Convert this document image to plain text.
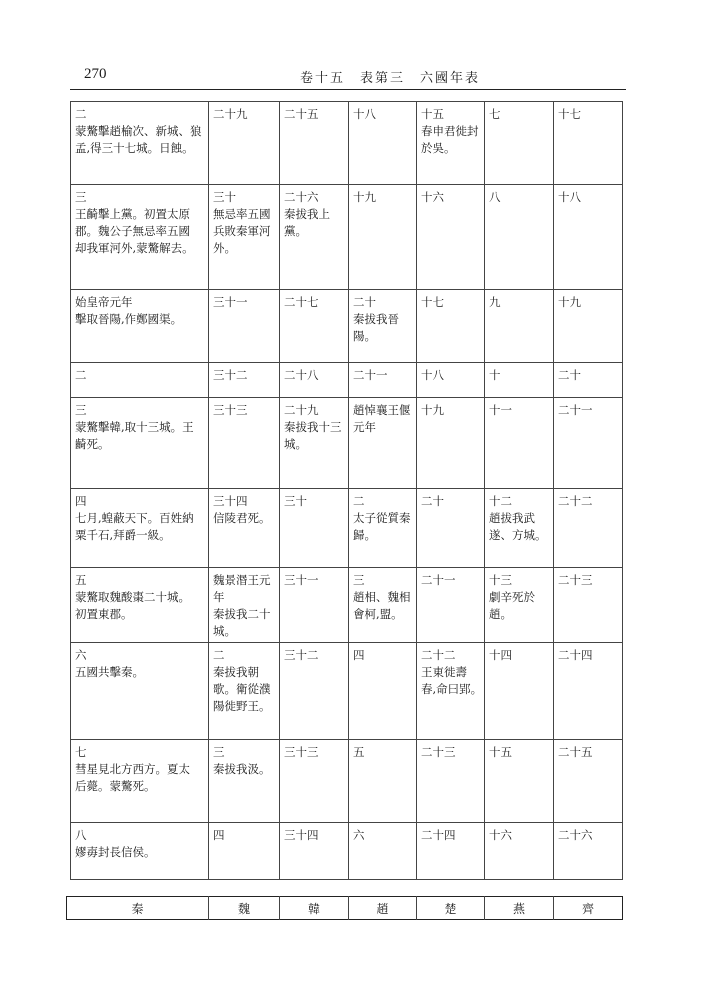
270	卷十五　表第三　六國年表
二
蒙驁擊趙榆次、新城、狼
孟,得三十七城。日蝕。	二十九	二十五	十八	十五
春申君徙封
於吳。	七	十七

三
王齮擊上黨。初置太原
郡。魏公子無忌率五國
却我軍河外,蒙驁解去。	三十
無忌率五國
兵敗秦軍河
外。	二十六
秦拔我上
黨。	十九	十六	八	十八

始皇帝元年
擊取晉陽,作鄭國渠。	三十一	二十七	二十
秦拔我晉
陽。	十七	九	十九

二	三十二	二十八	二十一	十八	十	二十

三
蒙驁擊韓,取十三城。王
齮死。	三十三	二十九
秦拔我十三
城。	趙悼襄王偃
元年	十九	十一	二十一

四
七月,蝗蔽天下。百姓納
粟千石,拜爵一級。	三十四
信陵君死。	三十	二
太子從質秦
歸。	二十	十二
趙拔我武
遂、方城。	二十二

五
蒙驁取魏酸棗二十城。
初置東郡。	魏景湣王元
年
秦拔我二十
城。	三十一	三
趙相、魏相
會柯,盟。	二十一	十三
劇辛死於
趙。	二十三

六
五國共擊秦。	二
秦拔我朝
歌。衛從濮
陽徙野王。	三十二	四	二十二
王東徙壽
春,命曰郢。	十四	二十四

七
彗星見北方西方。夏太
后薨。蒙驁死。	三
秦拔我汲。	三十三	五	二十三	十五	二十五

八
嫪毐封長信侯。	四	三十四	六	二十四	十六	二十六
秦	魏	韓	趙	楚	燕	齊
